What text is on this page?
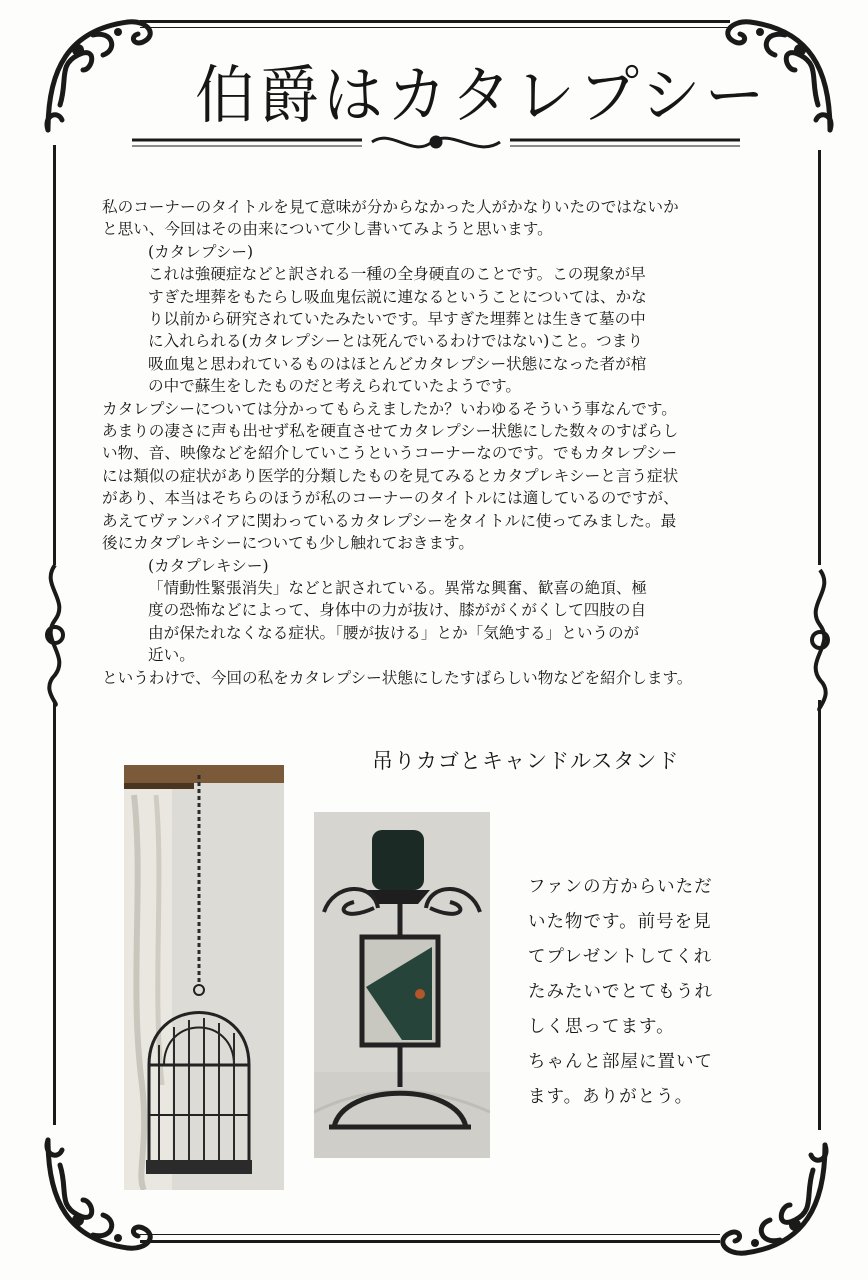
伯爵はカタレプシー

私のコーナーのタイトルを見て意味が分からなかった人がかなりいたのではないか

と思い、今回はその由来について少し書いてみようと思います。

(カタレプシー)

これは強硬症などと訳される一種の全身硬直のことです。この現象が早

すぎた埋葬をもたらし吸血鬼伝説に連なるということについては、かな

り以前から研究されていたみたいです。早すぎた埋葬とは生きて墓の中

に入れられる(カタレプシーとは死んでいるわけではない)こと。つまり

吸血鬼と思われているものはほとんどカタレプシー状態になった者が棺

の中で蘇生をしたものだと考えられていたようです。

カタレプシーについては分かってもらえましたか？いわゆるそういう事なんです。

あまりの凄さに声も出せず私を硬直させてカタレプシー状態にした数々のすばらし

い物、音、映像などを紹介していこうというコーナーなのです。でもカタレプシー

には類似の症状があり医学的分類したものを見てみるとカタプレキシーと言う症状

があり、本当はそちらのほうが私のコーナーのタイトルには適しているのですが、

あえてヴァンパイアに関わっているカタレプシーをタイトルに使ってみました。最

後にカタプレキシーについても少し触れておきます。

(カタプレキシー)

「情動性緊張消失」などと訳されている。異常な興奮、歓喜の絶頂、極

度の恐怖などによって、身体中の力が抜け、膝ががくがくして四肢の自

由が保たれなくなる症状。「腰が抜ける」とか「気絶する」というのが

近い。

というわけで、今回の私をカタレプシー状態にしたすばらしい物などを紹介します。

吊りカゴとキャンドルスタンド

ファンの方からいただ

いた物です。前号を見

てプレゼントしてくれ

たみたいでとてもうれ

しく思ってます。

ちゃんと部屋に置いて

ます。ありがとう。
